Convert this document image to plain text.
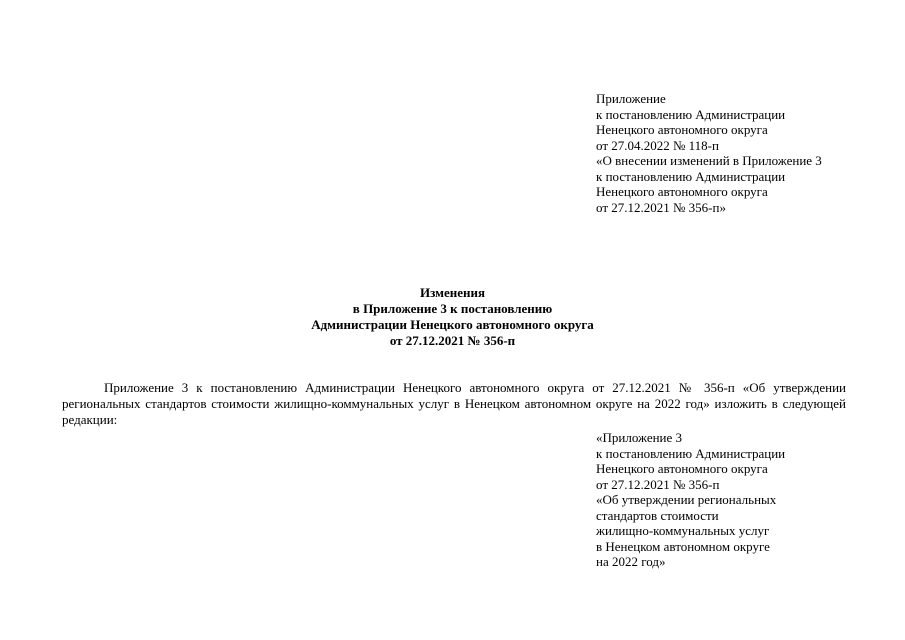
Приложение
к постановлению Администрации
Ненецкого автономного округа
от 27.04.2022 № 118-п
«О внесении изменений в Приложение 3
к постановлению Администрации
Ненецкого автономного округа
от 27.12.2021 № 356-п»
Изменения
в Приложение 3 к постановлению
Администрации Ненецкого автономного округа
от 27.12.2021 № 356-п
Приложение 3 к постановлению Администрации Ненецкого автономного округа от 27.12.2021 № 356-п «Об утверждении региональных стандартов стоимости жилищно-коммунальных услуг в Ненецком автономном округе на 2022 год» изложить в следующей редакции:
«Приложение 3
к постановлению Администрации
Ненецкого автономного округа
от 27.12.2021 № 356-п
«Об утверждении региональных
стандартов стоимости
жилищно-коммунальных услуг
в Ненецком автономном округе
на 2022 год»
